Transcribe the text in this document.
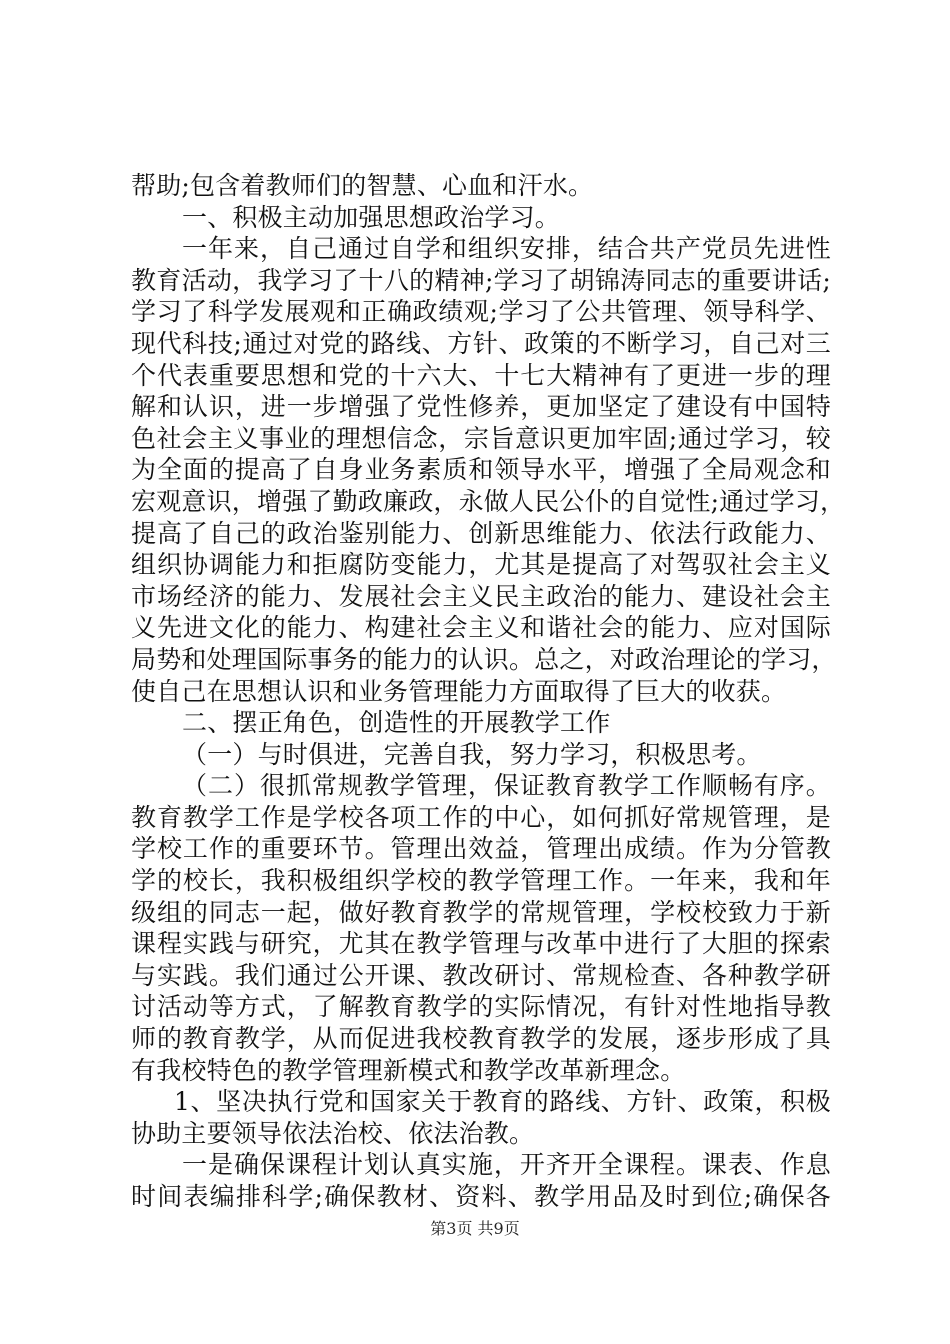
帮助;包含着教师们的智慧、心血和汗水。
一、积极主动加强思想政治学习。
一年来，自己通过自学和组织安排，结合共产党员先进性
教育活动，我学习了十八的精神;学习了胡锦涛同志的重要讲话;
学习了科学发展观和正确政绩观;学习了公共管理、领导科学、
现代科技;通过对党的路线、方针、政策的不断学习，自己对三
个代表重要思想和党的十六大、十七大精神有了更进一步的理
解和认识，进一步增强了党性修养，更加坚定了建设有中国特
色社会主义事业的理想信念，宗旨意识更加牢固;通过学习，较
为全面的提高了自身业务素质和领导水平，增强了全局观念和
宏观意识，增强了勤政廉政，永做人民公仆的自觉性;通过学习，
提高了自己的政治鉴别能力、创新思维能力、依法行政能力、
组织协调能力和拒腐防变能力，尤其是提高了对驾驭社会主义
市场经济的能力、发展社会主义民主政治的能力、建设社会主
义先进文化的能力、构建社会主义和谐社会的能力、应对国际
局势和处理国际事务的能力的认识。总之，对政治理论的学习，
使自己在思想认识和业务管理能力方面取得了巨大的收获。
二、摆正角色，创造性的开展教学工作
（一）与时俱进，完善自我，努力学习，积极思考。
（二）很抓常规教学管理，保证教育教学工作顺畅有序。
教育教学工作是学校各项工作的中心，如何抓好常规管理，是
学校工作的重要环节。管理出效益，管理出成绩。作为分管教
学的校长，我积极组织学校的教学管理工作。一年来，我和年
级组的同志一起，做好教育教学的常规管理，学校校致力于新
课程实践与研究，尤其在教学管理与改革中进行了大胆的探索
与实践。我们通过公开课、教改研讨、常规检查、各种教学研
讨活动等方式，了解教育教学的实际情况，有针对性地指导教
师的教育教学，从而促进我校教育教学的发展，逐步形成了具
有我校特色的教学管理新模式和教学改革新理念。
1、坚决执行党和国家关于教育的路线、方针、政策，积极
协助主要领导依法治校、依法治教。
一是确保课程计划认真实施，开齐开全课程。课表、作息
时间表编排科学;确保教材、资料、教学用品及时到位;确保各
第3页 共9页
